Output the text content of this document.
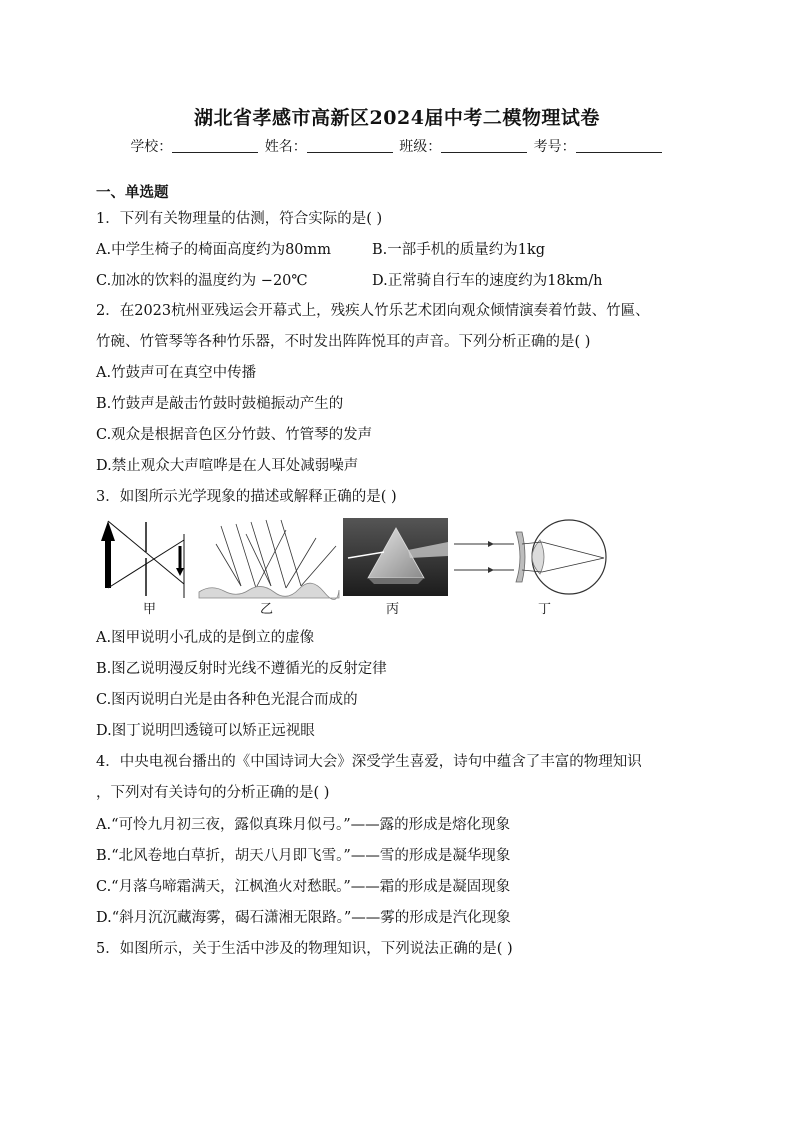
湖北省孝感市高新区2024届中考二模物理试卷
学校：	姓名：	班级：	考号：
一、单选题
1．下列有关物理量的估测，符合实际的是( )
A.中学生椅子的椅面高度约为80mm	B.一部手机的质量约为1kg
C.加冰的饮料的温度约为 −20℃	D.正常骑自行车的速度约为18km/h
2．在2023杭州亚残运会开幕式上，残疾人竹乐艺术团向观众倾情演奏着竹鼓、竹匾、
竹碗、竹管琴等各种竹乐器，不时发出阵阵悦耳的声音。下列分析正确的是( )
A.竹鼓声可在真空中传播
B.竹鼓声是敲击竹鼓时鼓槌振动产生的
C.观众是根据音色区分竹鼓、竹管琴的发声
D.禁止观众大声喧哗是在人耳处减弱噪声
3．如图所示光学现象的描述或解释正确的是( )
甲	乙	丙	丁
A.图甲说明小孔成的是倒立的虚像
B.图乙说明漫反射时光线不遵循光的反射定律
C.图丙说明白光是由各种色光混合而成的
D.图丁说明凹透镜可以矫正远视眼
4．中央电视台播出的《中国诗词大会》深受学生喜爱，诗句中蕴含了丰富的物理知识
，下列对有关诗句的分析正确的是( )
A.“可怜九月初三夜，露似真珠月似弓。”——露的形成是熔化现象
B.“北风卷地白草折，胡天八月即飞雪。”——雪的形成是凝华现象
C.“月落乌啼霜满天，江枫渔火对愁眠。”——霜的形成是凝固现象
D.“斜月沉沉藏海雾，碣石潇湘无限路。”——雾的形成是汽化现象
5．如图所示，关于生活中涉及的物理知识，下列说法正确的是( )
